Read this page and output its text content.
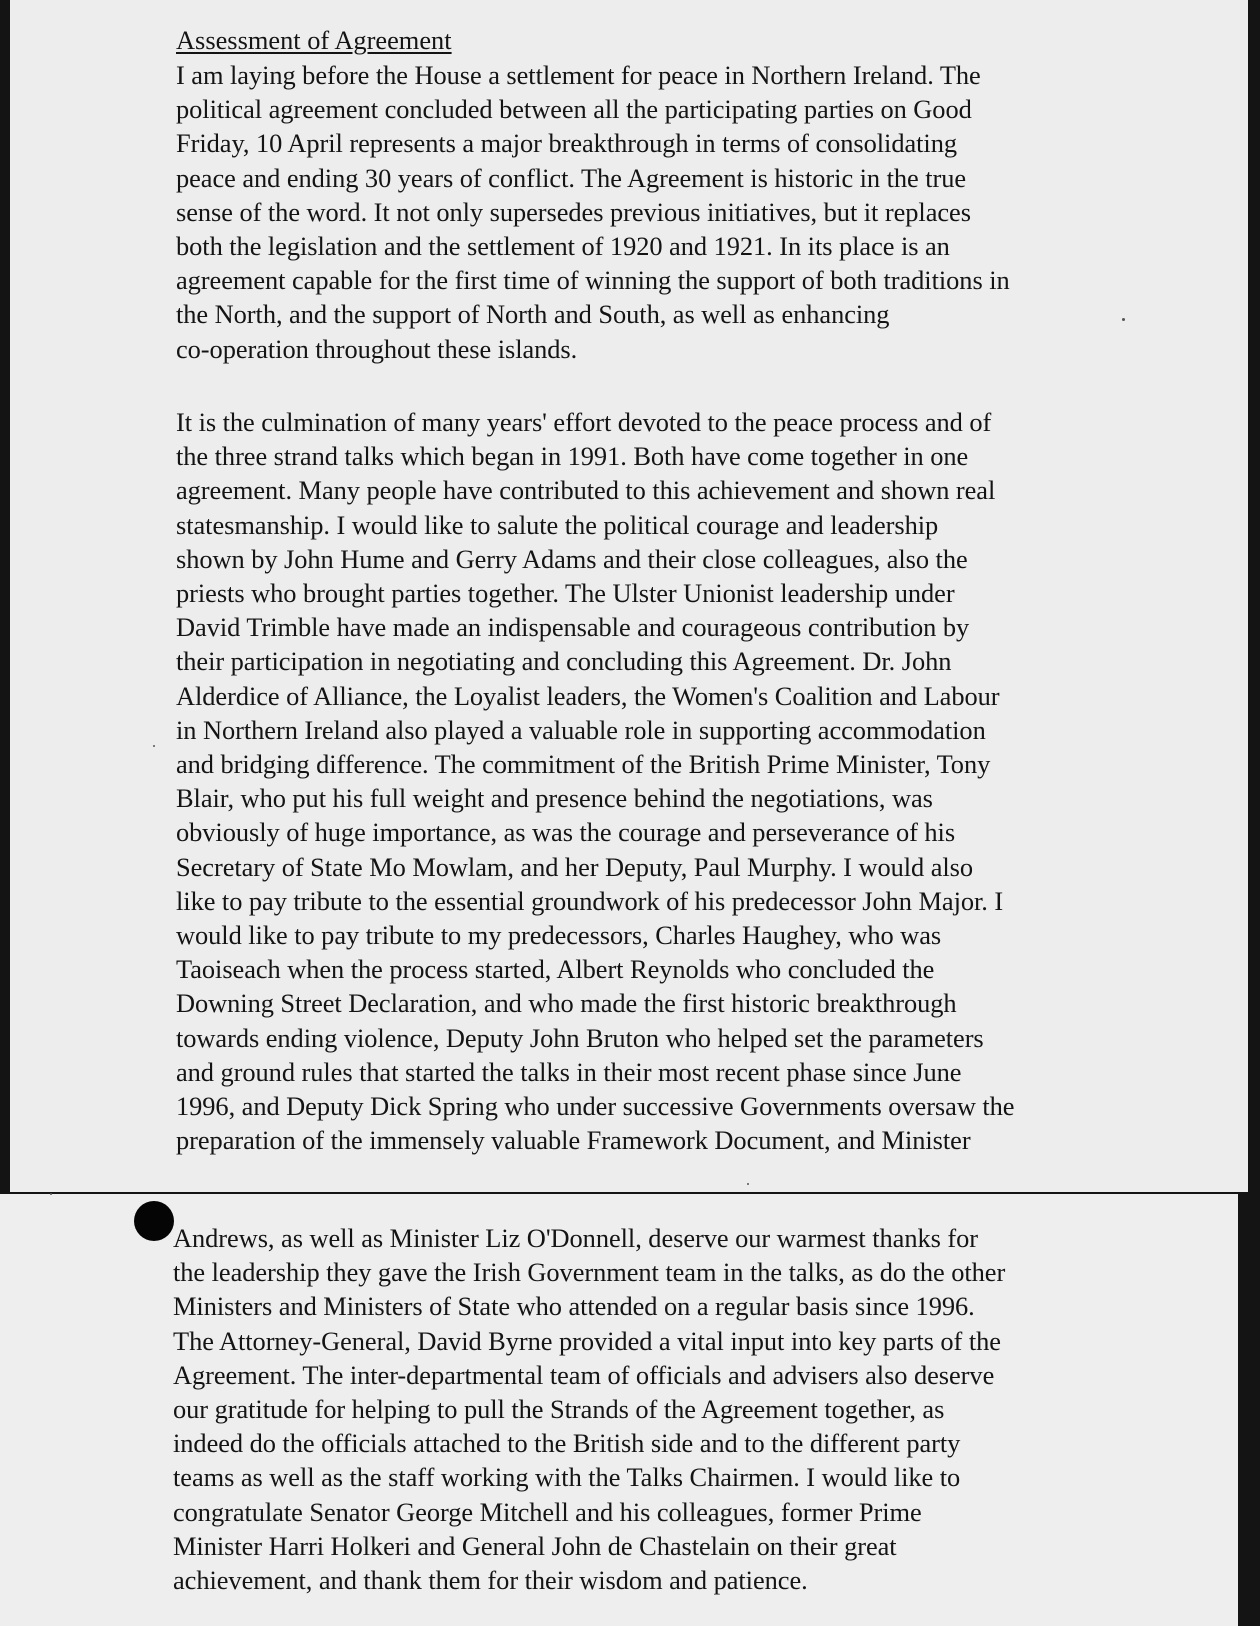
Assessment of Agreement
I am laying before the House a settlement for peace in Northern Ireland. The
political agreement concluded between all the participating parties on Good
Friday, 10 April represents a major breakthrough in terms of consolidating
peace and ending 30 years of conflict. The Agreement is historic in the true
sense of the word. It not only supersedes previous initiatives, but it replaces
both the legislation and the settlement of 1920 and 1921. In its place is an
agreement capable for the first time of winning the support of both traditions in
the North, and the support of North and South, as well as enhancing
co-operation throughout these islands.
It is the culmination of many years' effort devoted to the peace process and of
the three strand talks which began in 1991. Both have come together in one
agreement. Many people have contributed to this achievement and shown real
statesmanship. I would like to salute the political courage and leadership
shown by John Hume and Gerry Adams and their close colleagues, also the
priests who brought parties together. The Ulster Unionist leadership under
David Trimble have made an indispensable and courageous contribution by
their participation in negotiating and concluding this Agreement. Dr. John
Alderdice of Alliance, the Loyalist leaders, the Women's Coalition and Labour
in Northern Ireland also played a valuable role in supporting accommodation
and bridging difference. The commitment of the British Prime Minister, Tony
Blair, who put his full weight and presence behind the negotiations, was
obviously of huge importance, as was the courage and perseverance of his
Secretary of State Mo Mowlam, and her Deputy, Paul Murphy. I would also
like to pay tribute to the essential groundwork of his predecessor John Major. I
would like to pay tribute to my predecessors, Charles Haughey, who was
Taoiseach when the process started, Albert Reynolds who concluded the
Downing Street Declaration, and who made the first historic breakthrough
towards ending violence, Deputy John Bruton who helped set the parameters
and ground rules that started the talks in their most recent phase since June
1996, and Deputy Dick Spring who under successive Governments oversaw the
preparation of the immensely valuable Framework Document, and Minister
Andrews, as well as Minister Liz O'Donnell, deserve our warmest thanks for
the leadership they gave the Irish Government team in the talks, as do the other
Ministers and Ministers of State who attended on a regular basis since 1996.
The Attorney-General, David Byrne provided a vital input into key parts of the
Agreement. The inter-departmental team of officials and advisers also deserve
our gratitude for helping to pull the Strands of the Agreement together, as
indeed do the officials attached to the British side and to the different party
teams as well as the staff working with the Talks Chairmen. I would like to
congratulate Senator George Mitchell and his colleagues, former Prime
Minister Harri Holkeri and General John de Chastelain on their great
achievement, and thank them for their wisdom and patience.
